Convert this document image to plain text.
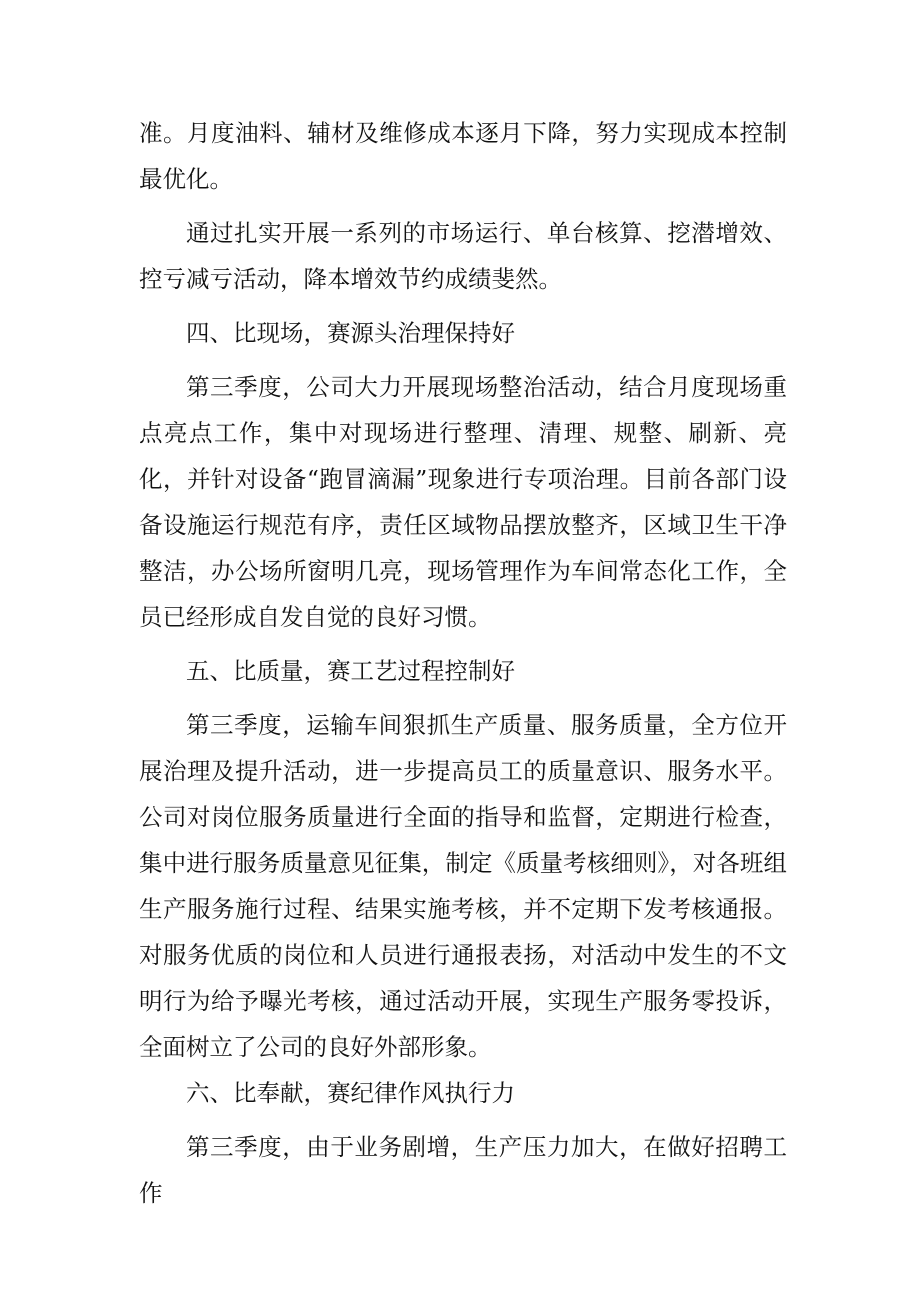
准。月度油料、辅材及维修成本逐月下降，努力实现成本控制最优化。

通过扎实开展一系列的市场运行、单台核算、挖潜增效、控亏减亏活动，降本增效节约成绩斐然。

四、比现场，赛源头治理保持好

第三季度，公司大力开展现场整治活动，结合月度现场重点亮点工作，集中对现场进行整理、清理、规整、刷新、亮化，并针对设备“跑冒滴漏”现象进行专项治理。目前各部门设备设施运行规范有序，责任区域物品摆放整齐，区域卫生干净整洁，办公场所窗明几亮，现场管理作为车间常态化工作，全员已经形成自发自觉的良好习惯。

五、比质量，赛工艺过程控制好

第三季度，运输车间狠抓生产质量、服务质量，全方位开展治理及提升活动，进一步提高员工的质量意识、服务水平。公司对岗位服务质量进行全面的指导和监督，定期进行检查，集中进行服务质量意见征集，制定《质量考核细则》，对各班组生产服务施行过程、结果实施考核，并不定期下发考核通报。对服务优质的岗位和人员进行通报表扬，对活动中发生的不文明行为给予曝光考核，通过活动开展，实现生产服务零投诉，全面树立了公司的良好外部形象。

六、比奉献，赛纪律作风执行力

第三季度，由于业务剧增，生产压力加大，在做好招聘工作
